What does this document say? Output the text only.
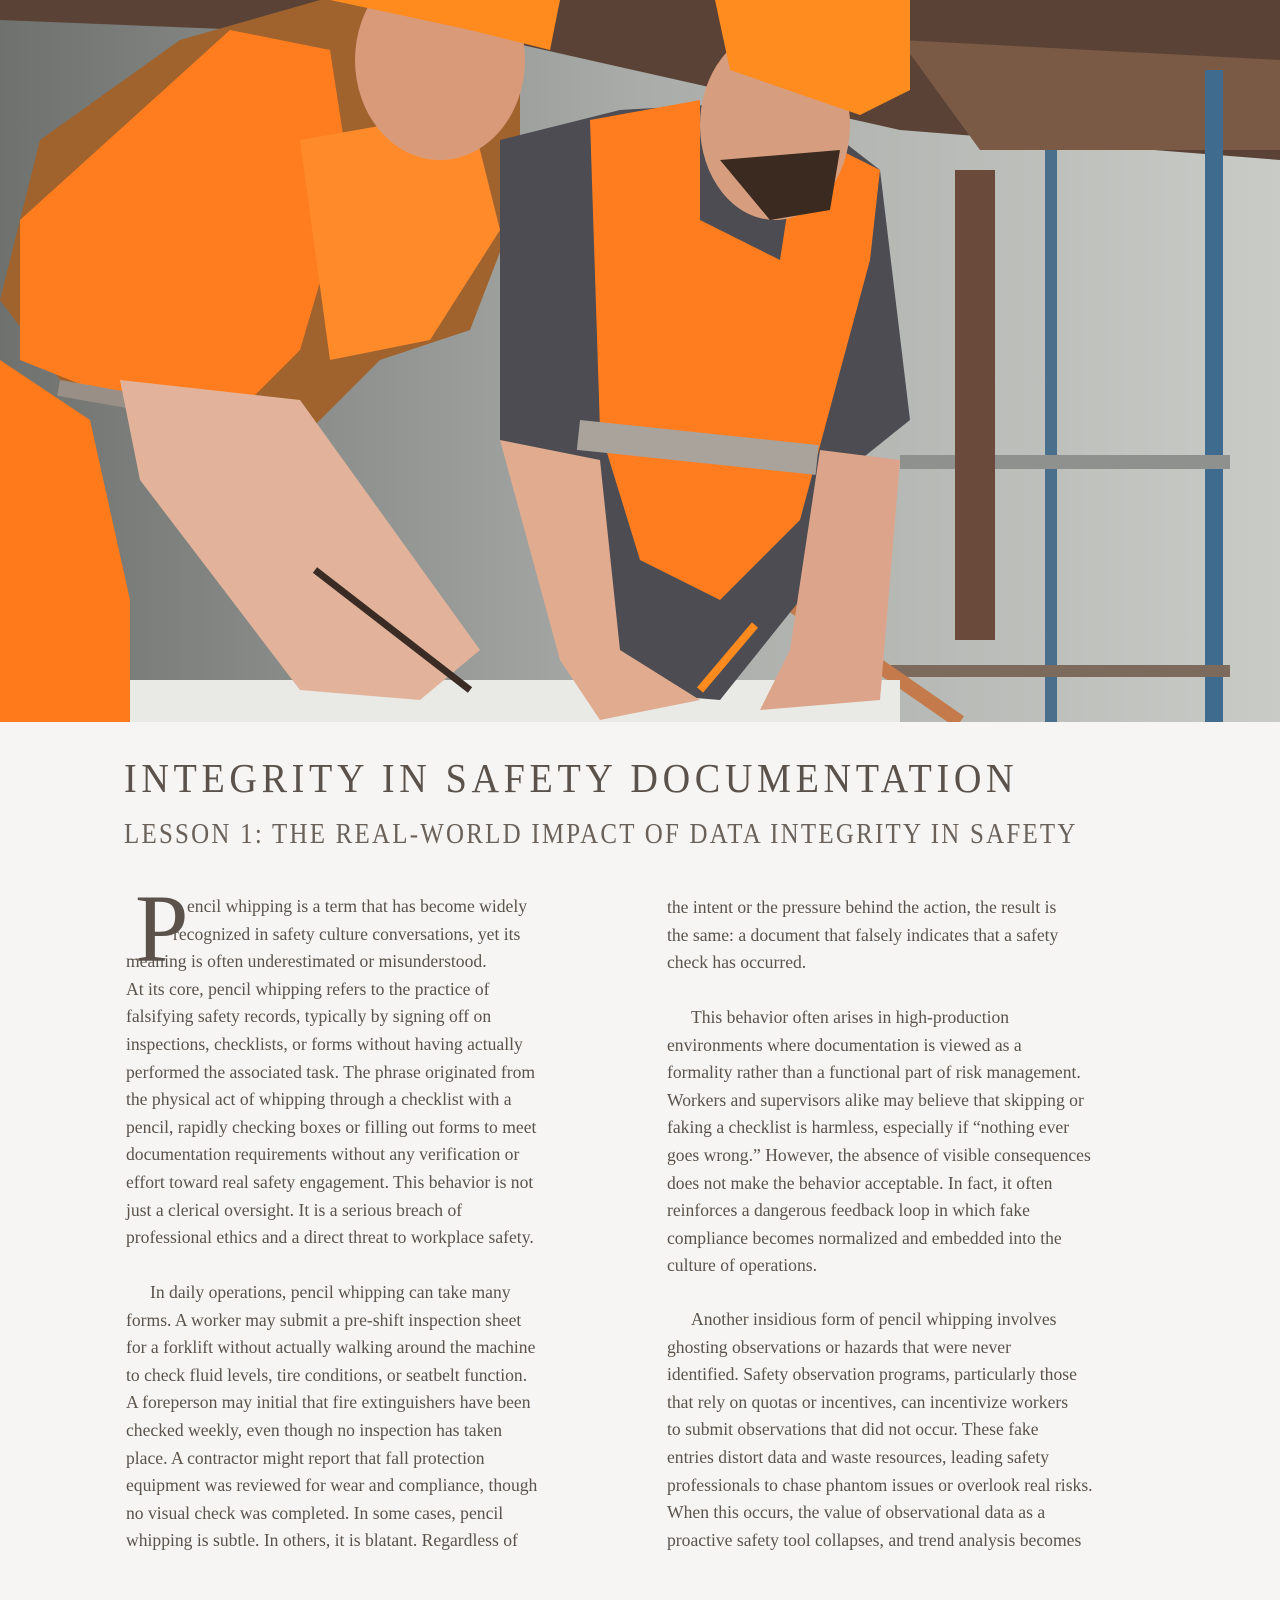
INTEGRITY IN SAFETY DOCUMENTATION
LESSON 1: THE REAL-WORLD IMPACT OF DATA INTEGRITY IN SAFETY
P
encil whipping is a term that has become widely
recognized in safety culture conversations, yet its
meaning is often underestimated or misunderstood.
At its core, pencil whipping refers to the practice of
falsifying safety records, typically by signing off on
inspections, checklists, or forms without having actually
performed the associated task. The phrase originated from
the physical act of whipping through a checklist with a
pencil, rapidly checking boxes or filling out forms to meet
documentation requirements without any verification or
effort toward real safety engagement. This behavior is not
just a clerical oversight. It is a serious breach of
professional ethics and a direct threat to workplace safety.
In daily operations, pencil whipping can take many
forms. A worker may submit a pre-shift inspection sheet
for a forklift without actually walking around the machine
to check fluid levels, tire conditions, or seatbelt function.
A foreperson may initial that fire extinguishers have been
checked weekly, even though no inspection has taken
place. A contractor might report that fall protection
equipment was reviewed for wear and compliance, though
no visual check was completed. In some cases, pencil
whipping is subtle. In others, it is blatant. Regardless of
the intent or the pressure behind the action, the result is
the same: a document that falsely indicates that a safety
check has occurred.
This behavior often arises in high-production
environments where documentation is viewed as a
formality rather than a functional part of risk management.
Workers and supervisors alike may believe that skipping or
faking a checklist is harmless, especially if “nothing ever
goes wrong.” However, the absence of visible consequences
does not make the behavior acceptable. In fact, it often
reinforces a dangerous feedback loop in which fake
compliance becomes normalized and embedded into the
culture of operations.
Another insidious form of pencil whipping involves
ghosting observations or hazards that were never
identified. Safety observation programs, particularly those
that rely on quotas or incentives, can incentivize workers
to submit observations that did not occur. These fake
entries distort data and waste resources, leading safety
professionals to chase phantom issues or overlook real risks.
When this occurs, the value of observational data as a
proactive safety tool collapses, and trend analysis becomes
